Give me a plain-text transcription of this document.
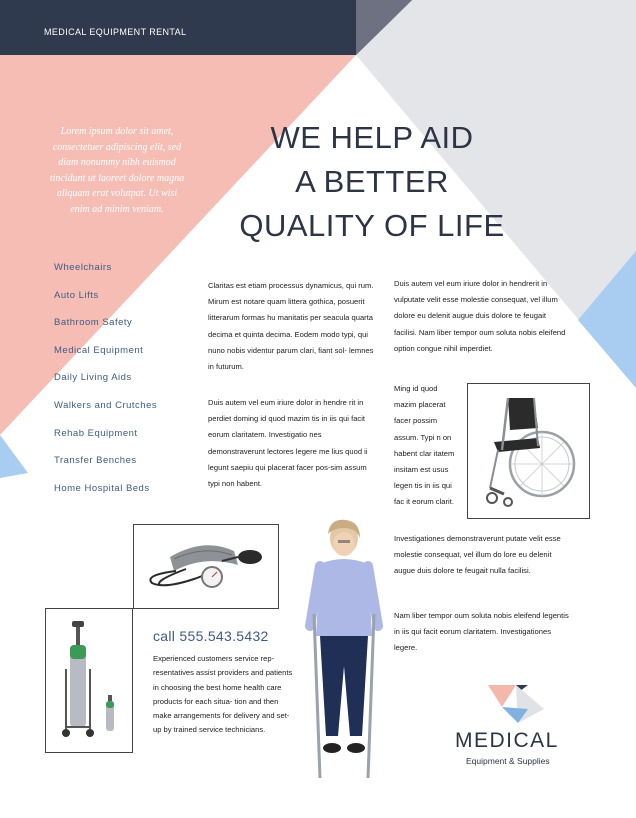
MEDICAL EQUIPMENT RENTAL
Lorem ipsum dolor sit amet, consectetuer adipiscing elit, sed diam nonummy nibh euismod tincidunt ut laoreet dolore magna aliquam erat volutpat. Ut wisi enim ad minim veniam.
WE HELP AID
A BETTER
QUALITY OF LIFE
Wheelchairs
Auto Lifts
Bathroom Safety
Medical Equipment
Daily Living Aids
Walkers and Crutches
Rehab Equipment
Transfer Benches
Home Hospital Beds
Claritas est etiam processus dynamicus, qui rum. Mirum est notare quam littera gothica, posuerit litterarum formas hu manitatis per seacula quarta decima et quinta decima. Eodem modo typi, qui nuno nobis videntur parum clari, fiant sol- lemnes in futurum.
Duis autem vel eum iriure dolor in hendre rit in perdiet doming id quod mazim tis in iis qui facit eorum claritatem. Investigatio nes demonstraverunt lectores legere me lius quod ii legunt saepiu qui placerat facer pos-sim assum typi non habent.
Duis autem vel eum iriure dolor in hendrerit in vulputate velit esse molestie consequat, vel illum dolore eu delenit augue duis dolore te feugait facilisi. Nam liber tempor oum soluta nobis eleifend option congue nihil imperdiet.
Ming id quod mazim placerat facer possim assum. Typi n on habent clar itatem insitam est usus legen tis in iis qui fac it eorum clarit.
Investigationes demonstraverunt putate velit esse molestie consequat, vel illum do lore eu delenit augue duis dolore te feugait nulla facilisi.
Nam liber tempor oum soluta nobis eleifend legentis in iis qui facit eorum claritatem. Investigationes legere.
call 555.543.5432
Experienced customers service rep- resentatives assist providers and patients in choosing the best home health care products for each situa- tion and then make arrangements for delivery and set-up by trained service technicians.	MEDICAL
Equipment & Supplies
